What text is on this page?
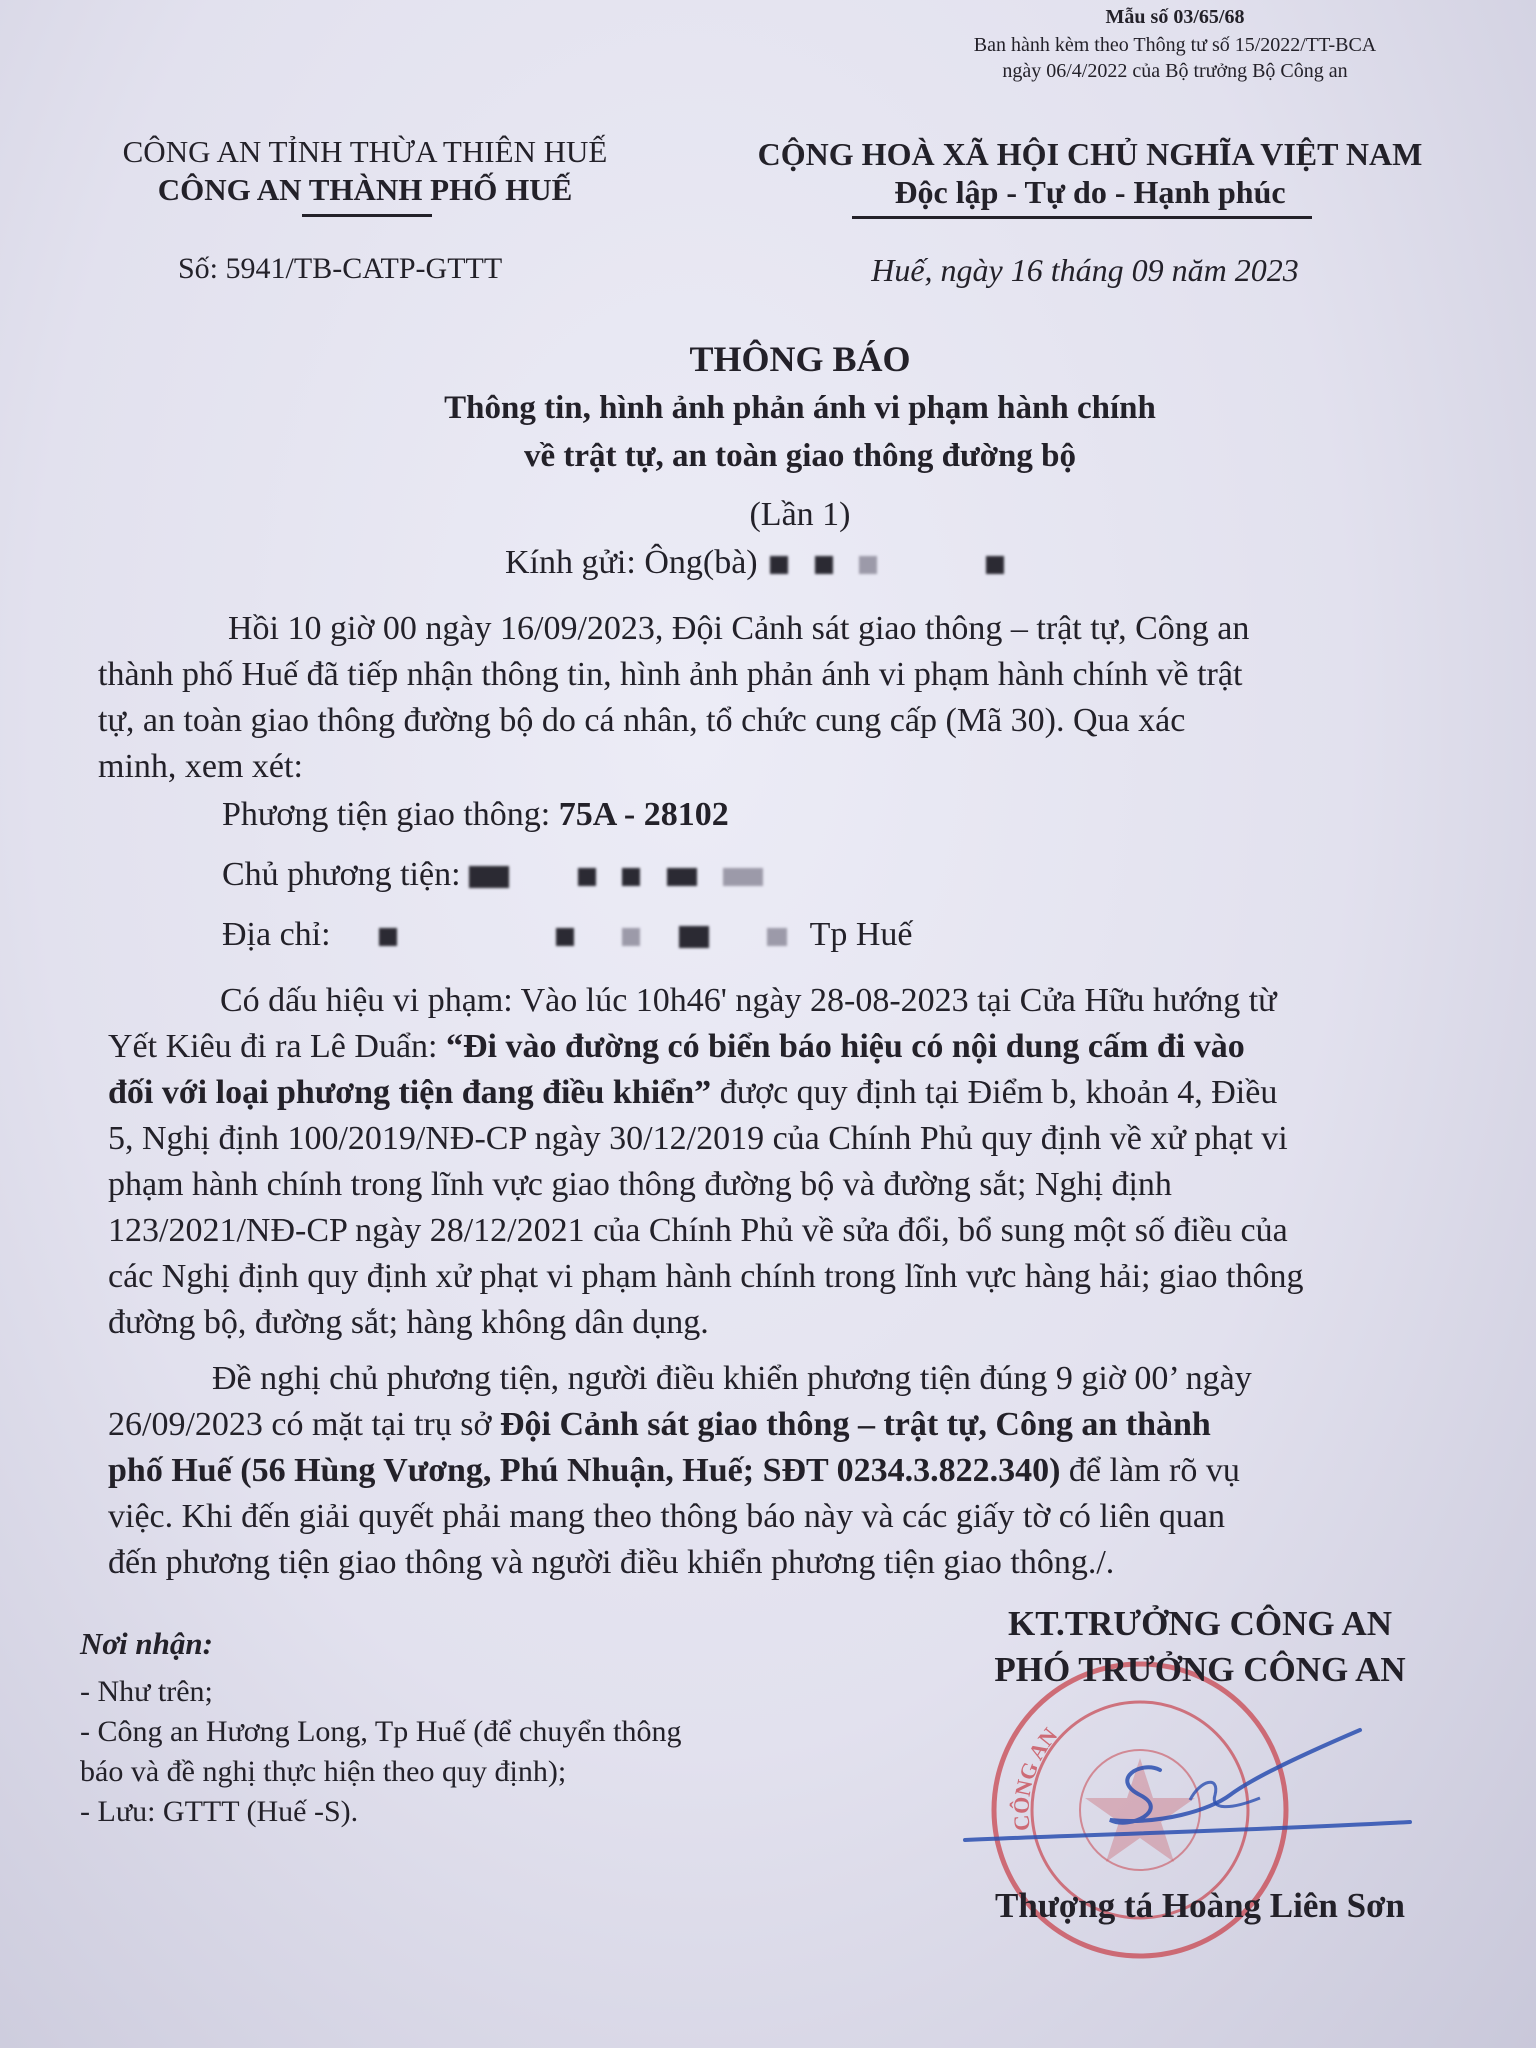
Mẫu số 03/65/68
Ban hành kèm theo Thông tư số 15/2022/TT-BCA
ngày 06/4/2022 của Bộ trưởng Bộ Công an
CÔNG AN TỈNH THỪA THIÊN HUẾ
CÔNG AN THÀNH PHỐ HUẾ
Số: 5941/TB-CATP-GTTT
CỘNG HOÀ XÃ HỘI CHỦ NGHĨA VIỆT NAM
Độc lập - Tự do - Hạnh phúc
Huế, ngày 16 tháng 09 năm 2023
THÔNG BÁO
Thông tin, hình ảnh phản ánh vi phạm hành chính
về trật tự, an toàn giao thông đường bộ
(Lần 1)
Kính gửi: Ông(bà)
Hồi 10 giờ 00 ngày 16/09/2023, Đội Cảnh sát giao thông – trật tự, Công an
thành phố Huế đã tiếp nhận thông tin, hình ảnh phản ánh vi phạm hành chính về trật
tự, an toàn giao thông đường bộ do cá nhân, tổ chức cung cấp (Mã 30). Qua xác
minh, xem xét:
Phương tiện giao thông: 75A - 28102
Chủ phương tiện:
Địa chỉ:	Tp Huế
Có dấu hiệu vi phạm: Vào lúc 10h46' ngày 28-08-2023 tại Cửa Hữu hướng từ
Yết Kiêu đi ra Lê Duẩn: “Đi vào đường có biển báo hiệu có nội dung cấm đi vào
đối với loại phương tiện đang điều khiển” được quy định tại Điểm b, khoản 4, Điều
5, Nghị định 100/2019/NĐ-CP ngày 30/12/2019 của Chính Phủ quy định về xử phạt vi
phạm hành chính trong lĩnh vực giao thông đường bộ và đường sắt; Nghị định
123/2021/NĐ-CP ngày 28/12/2021 của Chính Phủ về sửa đổi, bổ sung một số điều của
các Nghị định quy định xử phạt vi phạm hành chính trong lĩnh vực hàng hải; giao thông
đường bộ, đường sắt; hàng không dân dụng.
Đề nghị chủ phương tiện, người điều khiển phương tiện đúng 9 giờ 00’ ngày
26/09/2023 có mặt tại trụ sở Đội Cảnh sát giao thông – trật tự, Công an thành
phố Huế (56 Hùng Vương, Phú Nhuận, Huế; SĐT 0234.3.822.340) để làm rõ vụ
việc. Khi đến giải quyết phải mang theo thông báo này và các giấy tờ có liên quan
đến phương tiện giao thông và người điều khiển phương tiện giao thông./.
Nơi nhận:
- Như trên;
- Công an Hương Long, Tp Huế (để chuyển thông
báo và đề nghị thực hiện theo quy định);
- Lưu: GTTT (Huế -S).	CÔNG AN
KT.TRƯỞNG CÔNG AN
PHÓ TRƯỞNG CÔNG AN
Thượng tá Hoàng Liên Sơn
